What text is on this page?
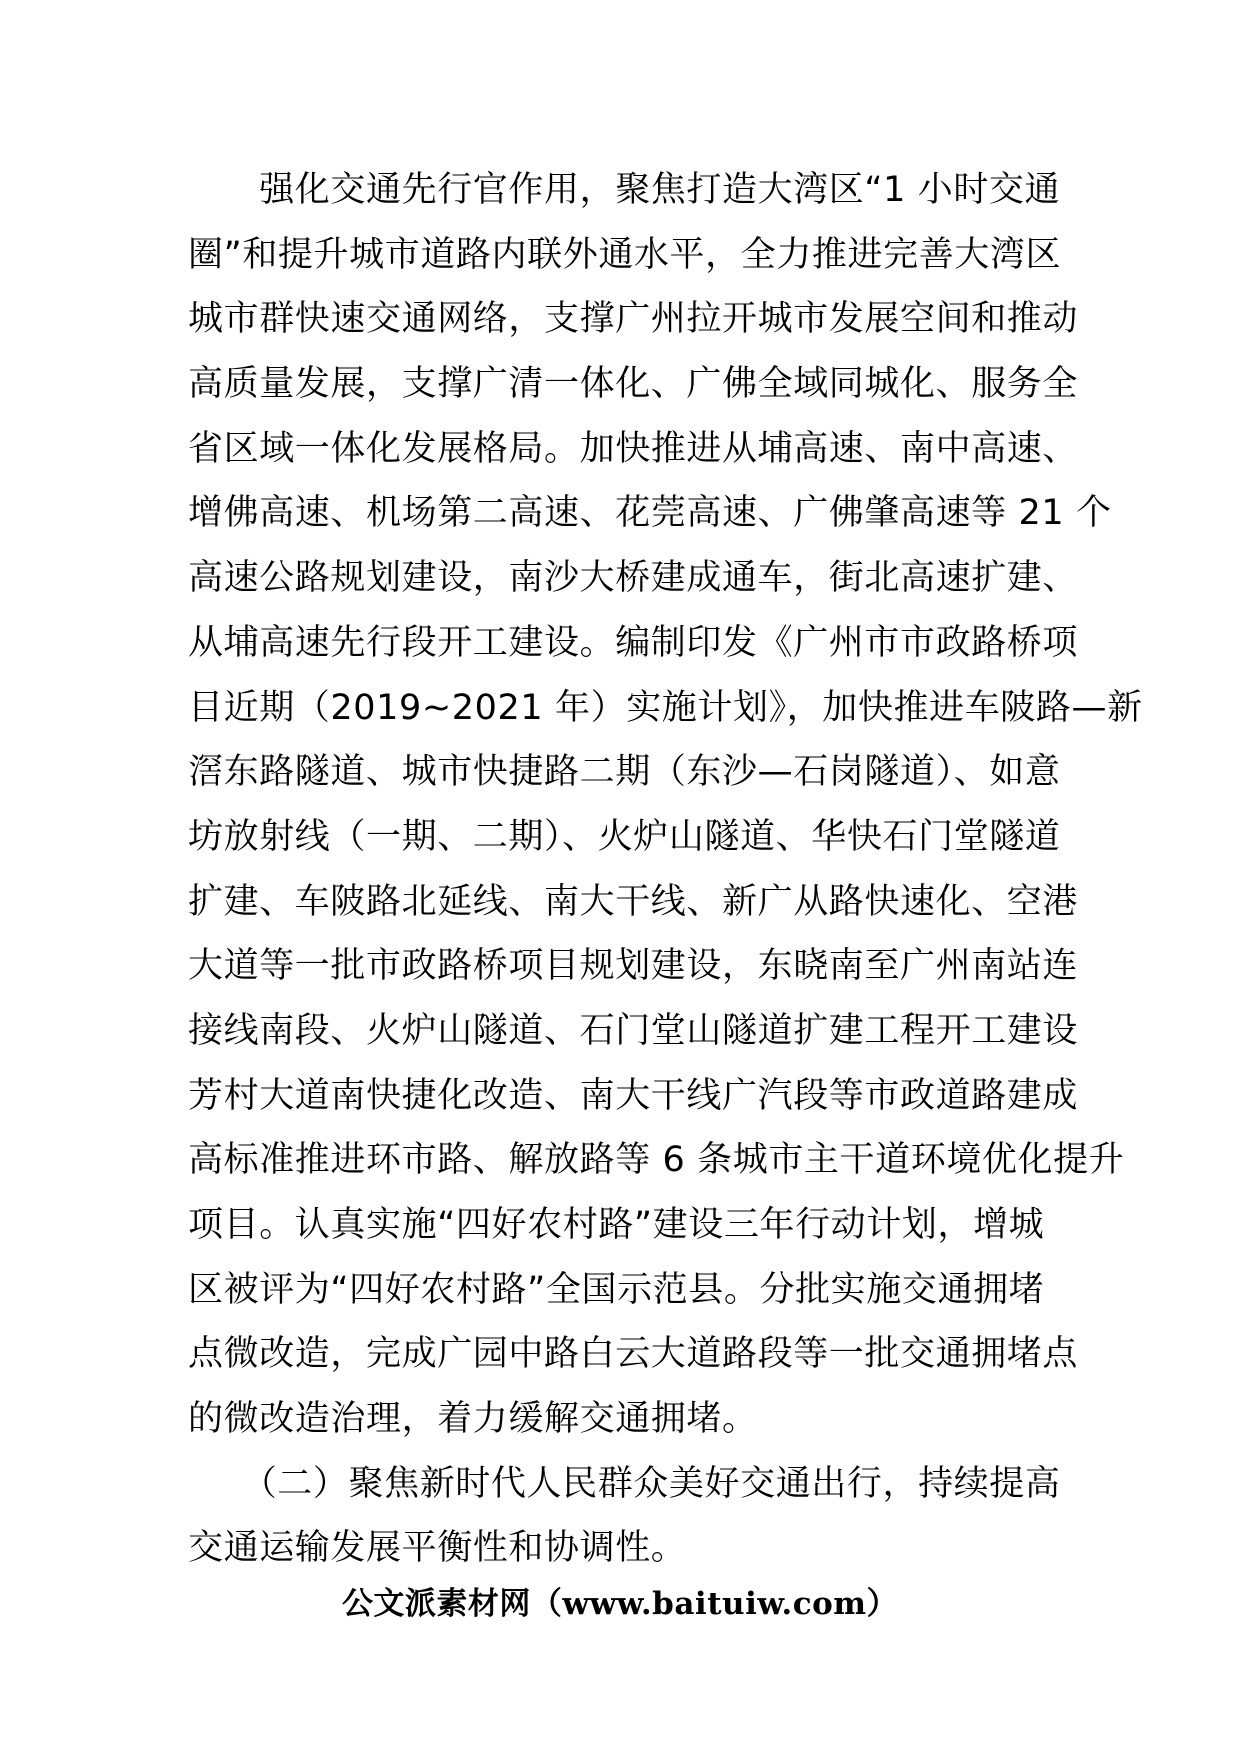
　　强化交通先行官作用，聚焦打造大湾区“1 小时交通
圈”和提升城市道路内联外通水平，全力推进完善大湾区
城市群快速交通网络，支撑广州拉开城市发展空间和推动
高质量发展，支撑广清一体化、广佛全域同城化、服务全
省区域一体化发展格局。加快推进从埔高速、南中高速、
增佛高速、机场第二高速、花莞高速、广佛肇高速等 21 个
高速公路规划建设，南沙大桥建成通车，街北高速扩建、
从埔高速先行段开工建设。编制印发《广州市市政路桥项
目近期（2019~2021 年）实施计划》，加快推进车陂路—新
滘东路隧道、城市快捷路二期（东沙—石岗隧道）、如意
坊放射线（一期、二期）、火炉山隧道、华快石门堂隧道
扩建、车陂路北延线、南大干线、新广从路快速化、空港
大道等一批市政路桥项目规划建设，东晓南至广州南站连
接线南段、火炉山隧道、石门堂山隧道扩建工程开工建设
芳村大道南快捷化改造、南大干线广汽段等市政道路建成
高标准推进环市路、解放路等 6 条城市主干道环境优化提升
项目。认真实施“四好农村路”建设三年行动计划，增城
区被评为“四好农村路”全国示范县。分批实施交通拥堵
点微改造，完成广园中路白云大道路段等一批交通拥堵点
的微改造治理，着力缓解交通拥堵。
　　（二）聚焦新时代人民群众美好交通出行，持续提高
交通运输发展平衡性和协调性。
公文派素材网（www.baituiw.com）
